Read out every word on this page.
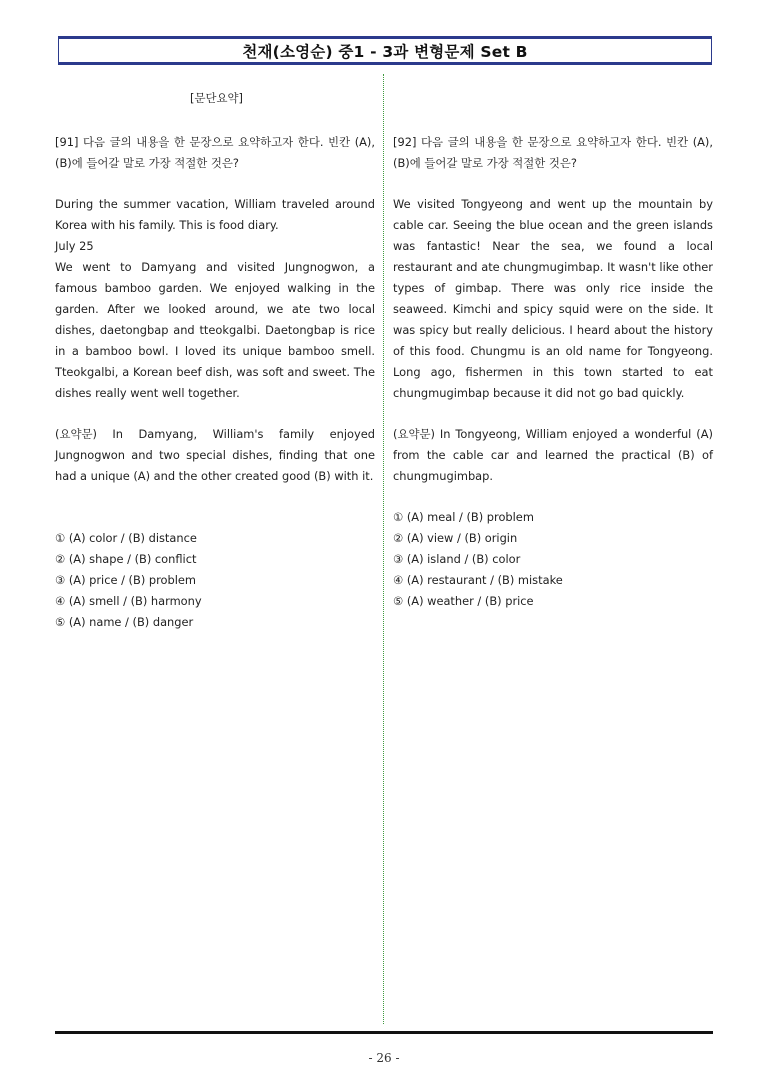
천재(소영순) 중1 - 3과 변형문제 Set B
[문단요약]
[91] 다음 글의 내용을 한 문장으로 요약하고자 한다. 빈칸 (A), (B)에 들어갈 말로 가장 적절한 것은?
During the summer vacation, William traveled around Korea with his family. This is food diary.
July 25
We went to Damyang and visited Jungnogwon, a famous bamboo garden. We enjoyed walking in the garden. After we looked around, we ate two local dishes, daetongbap and tteokgalbi. Daetongbap is rice in a bamboo bowl. I loved its unique bamboo smell. Tteokgalbi, a Korean beef dish, was soft and sweet. The dishes really went well together.
(요약문) In Damyang, William's family enjoyed Jungnogwon and two special dishes, finding that one had a unique (A) and the other created good (B) with it.
① (A) color / (B) distance
② (A) shape / (B) conflict
③ (A) price / (B) problem
④ (A) smell / (B) harmony
⑤ (A) name / (B) danger
[92] 다음 글의 내용을 한 문장으로 요약하고자 한다. 빈칸 (A), (B)에 들어갈 말로 가장 적절한 것은?
We visited Tongyeong and went up the mountain by cable car. Seeing the blue ocean and the green islands was fantastic! Near the sea, we found a local restaurant and ate chungmugimbap. It wasn't like other types of gimbap. There was only rice inside the seaweed. Kimchi and spicy squid were on the side. It was spicy but really delicious. I heard about the history of this food. Chungmu is an old name for Tongyeong. Long ago, fishermen in this town started to eat chungmugimbap because it did not go bad quickly.
(요약문) In Tongyeong, William enjoyed a wonderful (A) from the cable car and learned the practical (B) of chungmugimbap.
① (A) meal / (B) problem
② (A) view / (B) origin
③ (A) island / (B) color
④ (A) restaurant / (B) mistake
⑤ (A) weather / (B) price
- 26 -
